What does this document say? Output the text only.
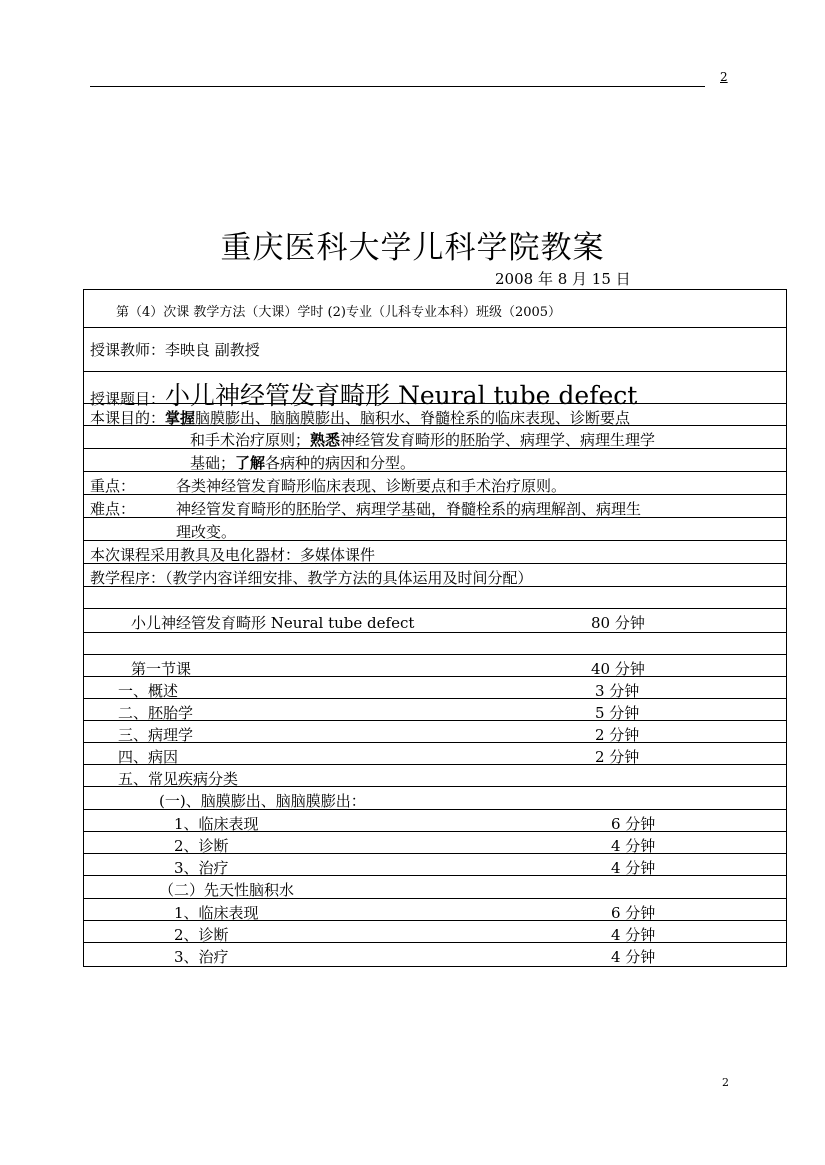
2
重庆医科大学儿科学院教案
2008 年 8 月 15 日
第（4）次课 教学方法（大课）学时 (2)专业（儿科专业本科）班级（2005）
授课教师：李映良 副教授
授课题目：小儿神经管发育畸形 Neural tube defect
本课目的：掌握脑膜膨出、脑脑膜膨出、脑积水、脊髓栓系的临床表现、诊断要点
和手术治疗原则；熟悉神经管发育畸形的胚胎学、病理学、病理生理学
基础；了解各病种的病因和分型。
重点：	各类神经管发育畸形临床表现、诊断要点和手术治疗原则。
难点：	神经管发育畸形的胚胎学、病理学基础，脊髓栓系的病理解剖、病理生
理改变。
本次课程采用教具及电化器材：多媒体课件
教学程序：（教学内容详细安排、教学方法的具体运用及时间分配）
小儿神经管发育畸形 Neural tube defect	80 分钟
第一节课	40 分钟
一、概述	3 分钟
二、胚胎学	5 分钟
三、病理学	2 分钟
四、病因	2 分钟
五、常见疾病分类
(一)、脑膜膨出、脑脑膜膨出：
1、临床表现	6 分钟
2、诊断	4 分钟
3、治疗	4 分钟
（二）先天性脑积水
1、临床表现	6 分钟
2、诊断	4 分钟
3、治疗	4 分钟
2
